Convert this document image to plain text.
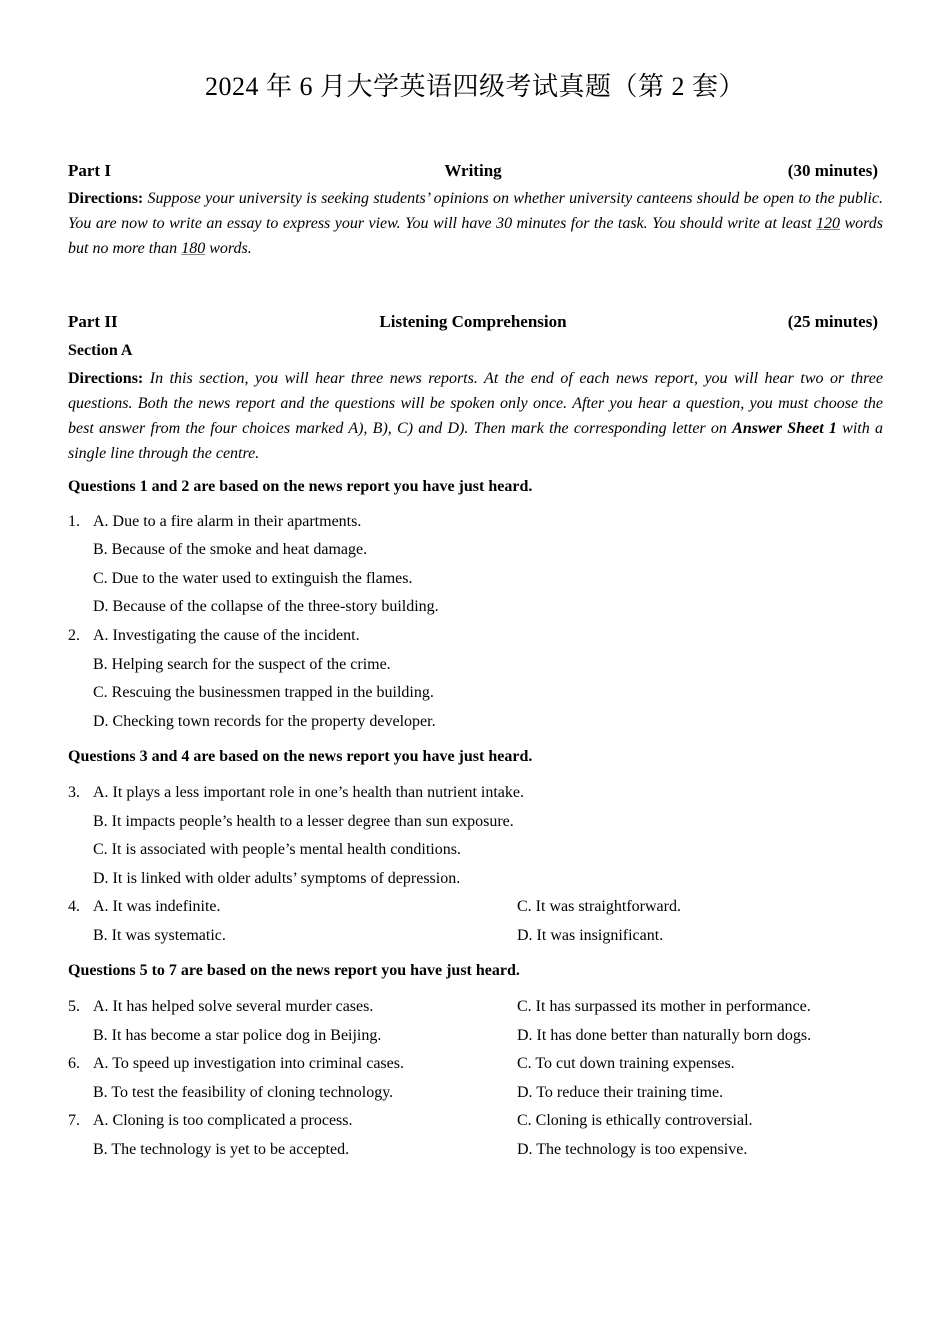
2024 年 6 月大学英语四级考试真题（第 2 套）
Part I	Writing	(30 minutes)
Directions: Suppose your university is seeking students’ opinions on whether university canteens should be open to the public. You are now to write an essay to express your view. You will have 30 minutes for the task. You should write at least 120 words but no more than 180 words.
Part II	Listening Comprehension	(25 minutes)
Section A
Directions: In this section, you will hear three news reports. At the end of each news report, you will hear two or three questions. Both the news report and the questions will be spoken only once. After you hear a question, you must choose the best answer from the four choices marked A), B), C) and D). Then mark the corresponding letter on Answer Sheet 1 with a single line through the centre.
Questions 1 and 2 are based on the news report you have just heard.
1. A. Due to a fire alarm in their apartments.
B. Because of the smoke and heat damage.
C. Due to the water used to extinguish the flames.
D. Because of the collapse of the three-story building.
2. A. Investigating the cause of the incident.
B. Helping search for the suspect of the crime.
C. Rescuing the businessmen trapped in the building.
D. Checking town records for the property developer.
Questions 3 and 4 are based on the news report you have just heard.
3. A. It plays a less important role in one’s health than nutrient intake.
B. It impacts people’s health to a lesser degree than sun exposure.
C. It is associated with people’s mental health conditions.
D. It is linked with older adults’ symptoms of depression.
4. A. It was indefinite.
B. It was systematic.
C. It was straightforward.
D. It was insignificant.
Questions 5 to 7 are based on the news report you have just heard.
5. A. It has helped solve several murder cases.
B. It has become a star police dog in Beijing.
C. It has surpassed its mother in performance.
D. It has done better than naturally born dogs.
6. A. To speed up investigation into criminal cases.
B. To test the feasibility of cloning technology.
C. To cut down training expenses.
D. To reduce their training time.
7. A. Cloning is too complicated a process.
B. The technology is yet to be accepted.
C. Cloning is ethically controversial.
D. The technology is too expensive.
